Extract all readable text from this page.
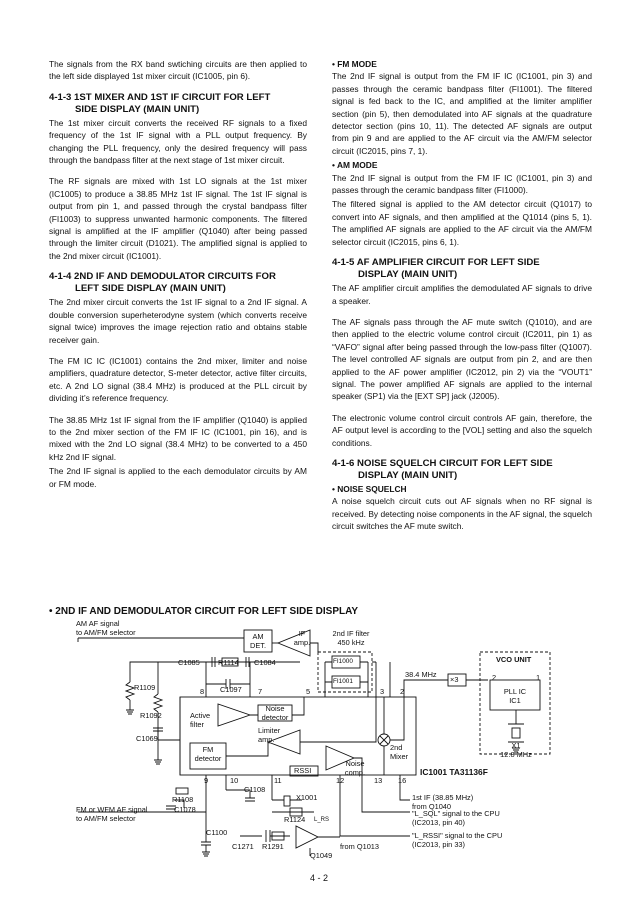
The signals from the RX band swtiching circuits are then applied to the left side displayed 1st mixer circuit (IC1005, pin 6).

4-1-3 1ST MIXER AND 1ST IF CIRCUIT FOR LEFT
SIDE DISPLAY (MAIN UNIT)

The 1st mixer circuit converts the received RF signals to a fixed frequency of the 1st IF signal with a PLL output frequency. By changing the PLL frequency, only the desired frequency will pass through the bandpass filter at the next stage of 1st mixer circuit.

The RF signals are mixed with 1st LO signals at the 1st mixer (IC1005) to produce a 38.85 MHz 1st IF signal. The 1st IF signal is output from pin 1, and passed through the crystal bandpass filter (FI1003) to suppress unwanted harmonic components. The filtered signal is amplified at the IF amplifier (Q1040) after being passed through the limiter circuit (D1021). The amplified signal is applied to the 2nd mixer circuit (IC1001).

4-1-4 2ND IF AND DEMODULATOR CIRCUITS FOR
LEFT SIDE DISPLAY (MAIN UNIT)

The 2nd mixer circuit converts the 1st IF signal to a 2nd IF signal. A double conversion superheterodyne system (which converts receive signal twice) improves the image rejection ratio and obtains stable receiver gain.

The FM IC IC (IC1001) contains the 2nd mixer, limiter and noise amplifiers, quadrature detector, S-meter detector, active filter circuits, etc. A 2nd LO signal (38.4 MHz) is produced at the PLL circuit by dividing it’s reference frequency.

The 38.85 MHz 1st IF signal from the IF amplifier (Q1040) is applied to the 2nd mixer section of the FM IF IC (IC1001, pin 16), and is mixed with the 2nd LO signal (38.4 MHz) to be converted to a 450 kHz 2nd IF signal.

The 2nd IF signal is applied to the each demodulator circuits by AM or FM mode.

• FM MODE

The 2nd IF signal is output from the FM IF IC (IC1001, pin 3) and passes through the ceramic bandpass filter (FI1001). The filtered signal is fed back to the IC, and amplified at the limiter amplifier section (pin 5), then demodulated into AF signals at the quadrature detector section (pins 10, 11). The detected AF signals are output from pin 9 and are applied to the AF circuit via the AM/FM selector circuit (IC2015, pins 7, 1).

• AM MODE

The 2nd IF signal is output from the FM IF IC (IC1001, pin 3) and passes through the ceramic bandpass filter (FI1000).

The filtered signal is applied to the AM detector circuit (Q1017) to convert into AF signals, and then amplified at the Q1014 (pins 5, 1). The amplified AF signals are applied to the AF circuit via the AM/FM selector circuit (IC2015, pins 6, 1).

4-1-5 AF AMPLIFIER CIRCUIT FOR LEFT SIDE
DISPLAY (MAIN UNIT)

The AF amplifier circuit amplifies the demodulated AF signals to drive a speaker.

The AF signals pass through the AF mute switch (Q1010), and are then applied to the electric volume control circuit (IC2011, pin 1) as “VAFO” signal after being passed through the low-pass filter (Q1007). The level controlled AF signals are output from pin 2, and are then applied to the AF power amplifier (IC2012, pin 2) via the “VOUT1” signal. The power amplified AF signals are applied to the internal speaker (SP1) via the [EXT SP] jack (J2005).

The electronic volume control circuit controls AF gain, therefore, the AF output level is according to the [VOL] setting and also the squelch conditions.

4-1-6 NOISE SQUELCH CIRCUIT FOR LEFT SIDE
DISPLAY (MAIN UNIT)
• NOISE SQUELCH

A noise squelch circuit cuts out AF signals when no RF signal is received. By detecting noise components in the AF signal, the squelch circuit switches the AF mute switch.

• 2ND IF AND DEMODULATOR CIRCUIT FOR LEFT SIDE DISPLAY
AM AF signal
to AM/FM selector	AM
DET.
IF
amp.
2nd IF filter
450 kHz
FI1000
FI1001
C1085 R1114 C1084
C1097
R1109
R1092
C1069
8	7	5	3 2
Active
filter
Noise
detector
Limiter
amp.
FM
detector
RSSI
Noise
comp.
2nd
Mixer
38.4 MHz
×3
VCO UNIT
2	1
PLL IC
IC1
X1
12.8 MHz
IC1001 TA31136F
9	10	11	12	13 16
1st IF (38.85 MHz)
from Q1040
"L_SQL" signal to the CPU
(IC2013, pin 40)
"L_RSSI" signal to the CPU
(IC2013, pin 33)
FM or WFM AF signal
to AM/FM selector
R1108
C1078
C1108
X1001
R1124 L_RS
C1100
C1271 R1291
Q1049
from Q1013
4 - 2
